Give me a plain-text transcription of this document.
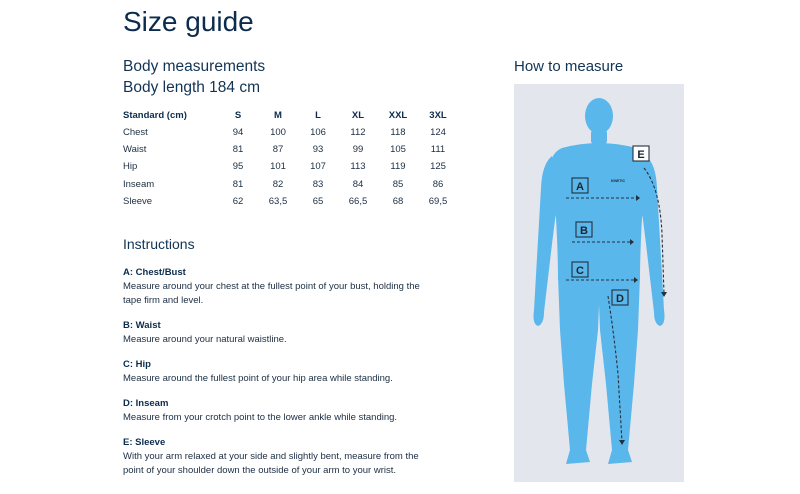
Size guide
Body measurements
Body length 184 cm
How to measure
Standard (cm)	S	M	L	XL	XXL	3XL
Chest	94	100	106	112	118	124
Waist	81	87	93	99	105	111
Hip	95	101	107	113	119	125
Inseam	81	82	83	84	85	86
Sleeve	62	63,5	65	66,5	68	69,5
Instructions
A: Chest/Bust
Measure around your chest at the fullest point of your bust, holding the
tape firm and level.
B: Waist
Measure around your natural waistline.
C: Hip
Measure around the fullest point of your hip area while standing.
D: Inseam
Measure from your crotch point to the lower ankle while standing.
E: Sleeve
With your arm relaxed at your side and slightly bent, measure from the
point of your shoulder down the outside of your arm to your wrist.
A
B
C
D
E
KINETIC
